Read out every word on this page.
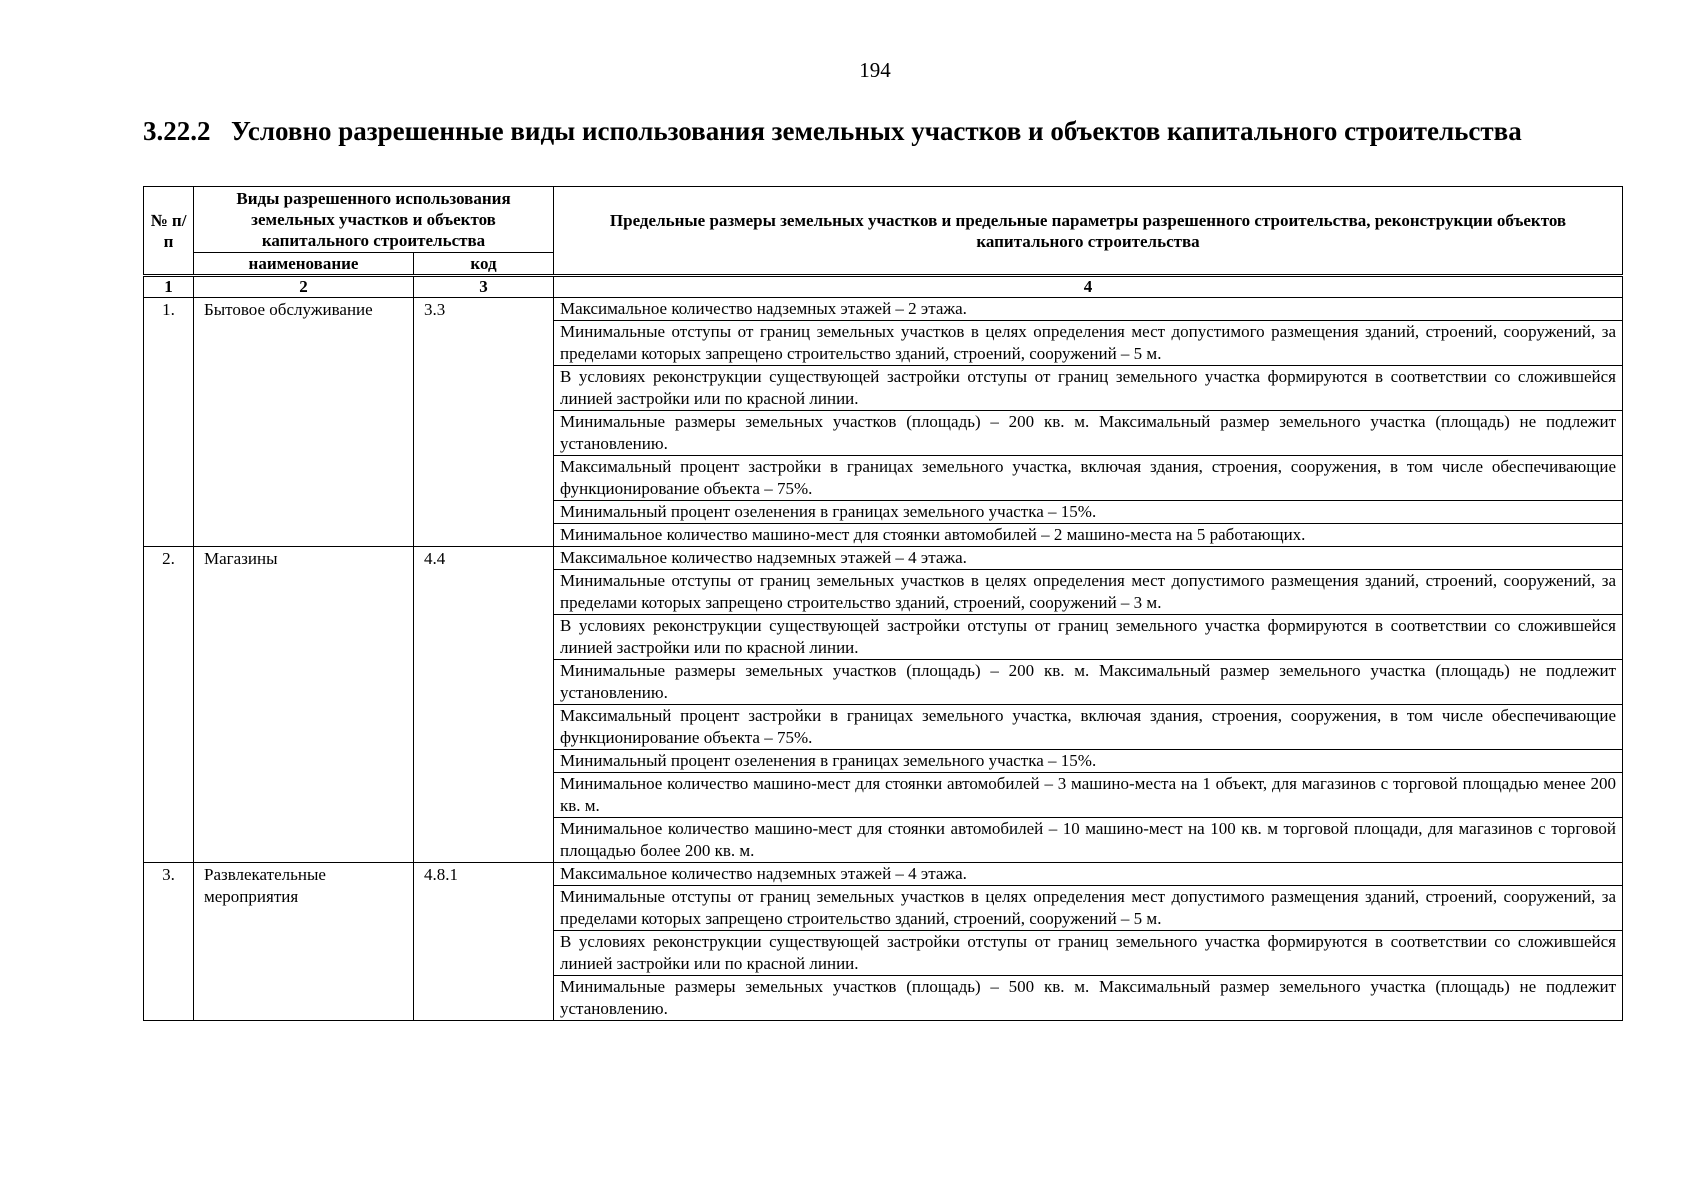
194
3.22.2 Условно разрешенные виды использования земельных участков и объектов капитального строительства
№ п/п	Виды разрешенного использования земельных участков и объектов капитального строительства		Предельные размеры земельных участков и предельные параметры разрешенного строительства, реконструкции объектов капитального строительства
	наименование	код	
1	2	3	4
1.	Бытовое обслуживание	3.3	Максимальное количество надземных этажей – 2 этажа.
			Минимальные отступы от границ земельных участков в целях определения мест допустимого размещения зданий, строений, сооружений, за пределами которых запрещено строительство зданий, строений, сооружений – 5 м.
			В условиях реконструкции существующей застройки отступы от границ земельного участка формируются в соответствии со сложившейся линией застройки или по красной линии.
			Минимальные размеры земельных участков (площадь) – 200 кв. м. Максимальный размер земельного участка (площадь) не подлежит установлению.
			Максимальный процент застройки в границах земельного участка, включая здания, строения, сооружения, в том числе обеспечивающие функционирование объекта – 75%.
			Минимальный процент озеленения в границах земельного участка – 15%.
			Минимальное количество машино-мест для стоянки автомобилей – 2 машино-места на 5 работающих.
2.	Магазины	4.4	Максимальное количество надземных этажей – 4 этажа.
			Минимальные отступы от границ земельных участков в целях определения мест допустимого размещения зданий, строений, сооружений, за пределами которых запрещено строительство зданий, строений, сооружений – 3 м.
			В условиях реконструкции существующей застройки отступы от границ земельного участка формируются в соответствии со сложившейся линией застройки или по красной линии.
			Минимальные размеры земельных участков (площадь) – 200 кв. м. Максимальный размер земельного участка (площадь) не подлежит установлению.
			Максимальный процент застройки в границах земельного участка, включая здания, строения, сооружения, в том числе обеспечивающие функционирование объекта – 75%.
			Минимальный процент озеленения в границах земельного участка – 15%.
			Минимальное количество машино-мест для стоянки автомобилей – 3 машино-места на 1 объект, для магазинов с торговой площадью менее 200 кв. м.
			Минимальное количество машино-мест для стоянки автомобилей – 10 машино-мест на 100 кв. м торговой площади, для магазинов с торговой площадью более 200 кв. м.
3.	Развлекательные мероприятия	4.8.1	Максимальное количество надземных этажей – 4 этажа.
			Минимальные отступы от границ земельных участков в целях определения мест допустимого размещения зданий, строений, сооружений, за пределами которых запрещено строительство зданий, строений, сооружений – 5 м.
			В условиях реконструкции существующей застройки отступы от границ земельного участка формируются в соответствии со сложившейся линией застройки или по красной линии.
			Минимальные размеры земельных участков (площадь) – 500 кв. м. Максимальный размер земельного участка (площадь) не подлежит установлению.
